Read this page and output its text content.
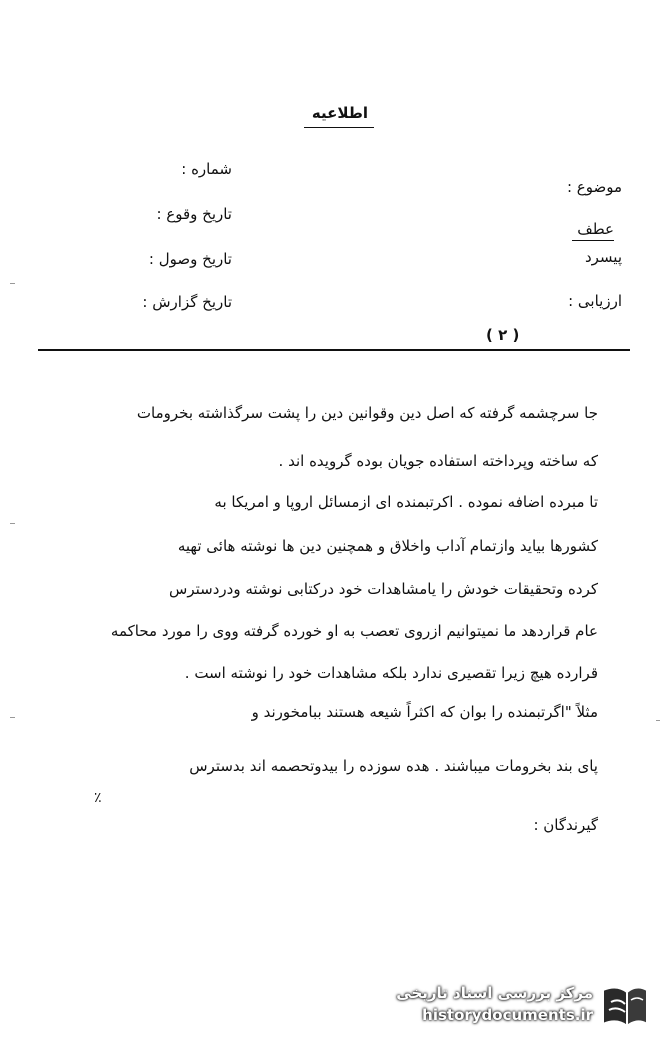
اطلاعیه
شماره :
تاریخ وقوع :
تاریخ وصول :
تاریخ گزارش :
موضوع :
عطف
پیسرد
ارزیابی :
( ۲ )
جا سرچشمه گرفته که اصل دین وقوانین دین را پشت سرگذاشته بخرومات
که ساخته وپرداخته استفاده جویان بوده گرویده اند .
تا مبرده اضافه نموده . اکرتبمنده ای ازمسائل اروپا و امریکا به
کشورها بیاید وازتمام آداب واخلاق و همچنین دین ها نوشته هائی تهیه
کرده وتحقیقات خودش را یامشاهدات خود درکتابی نوشته ودردسترس
عام قراردهد ما نمیتوانیم ازروی تعصب به او خورده گرفته ووی را مورد محاکمه
قرارده هیچ زیرا تقصیری ندارد بلکه مشاهدات خود را نوشته است .
مثلاً "اگرتبمنده را بوان که اکثراً شیعه هستند ببامخورند و
پای بند بخرومات میباشند . هده سوزده را بیدوتحصمه اند بدسترس
گیرندگان :
٪
مرکز بررسی اسناد تاریخی
historydocuments.ir
